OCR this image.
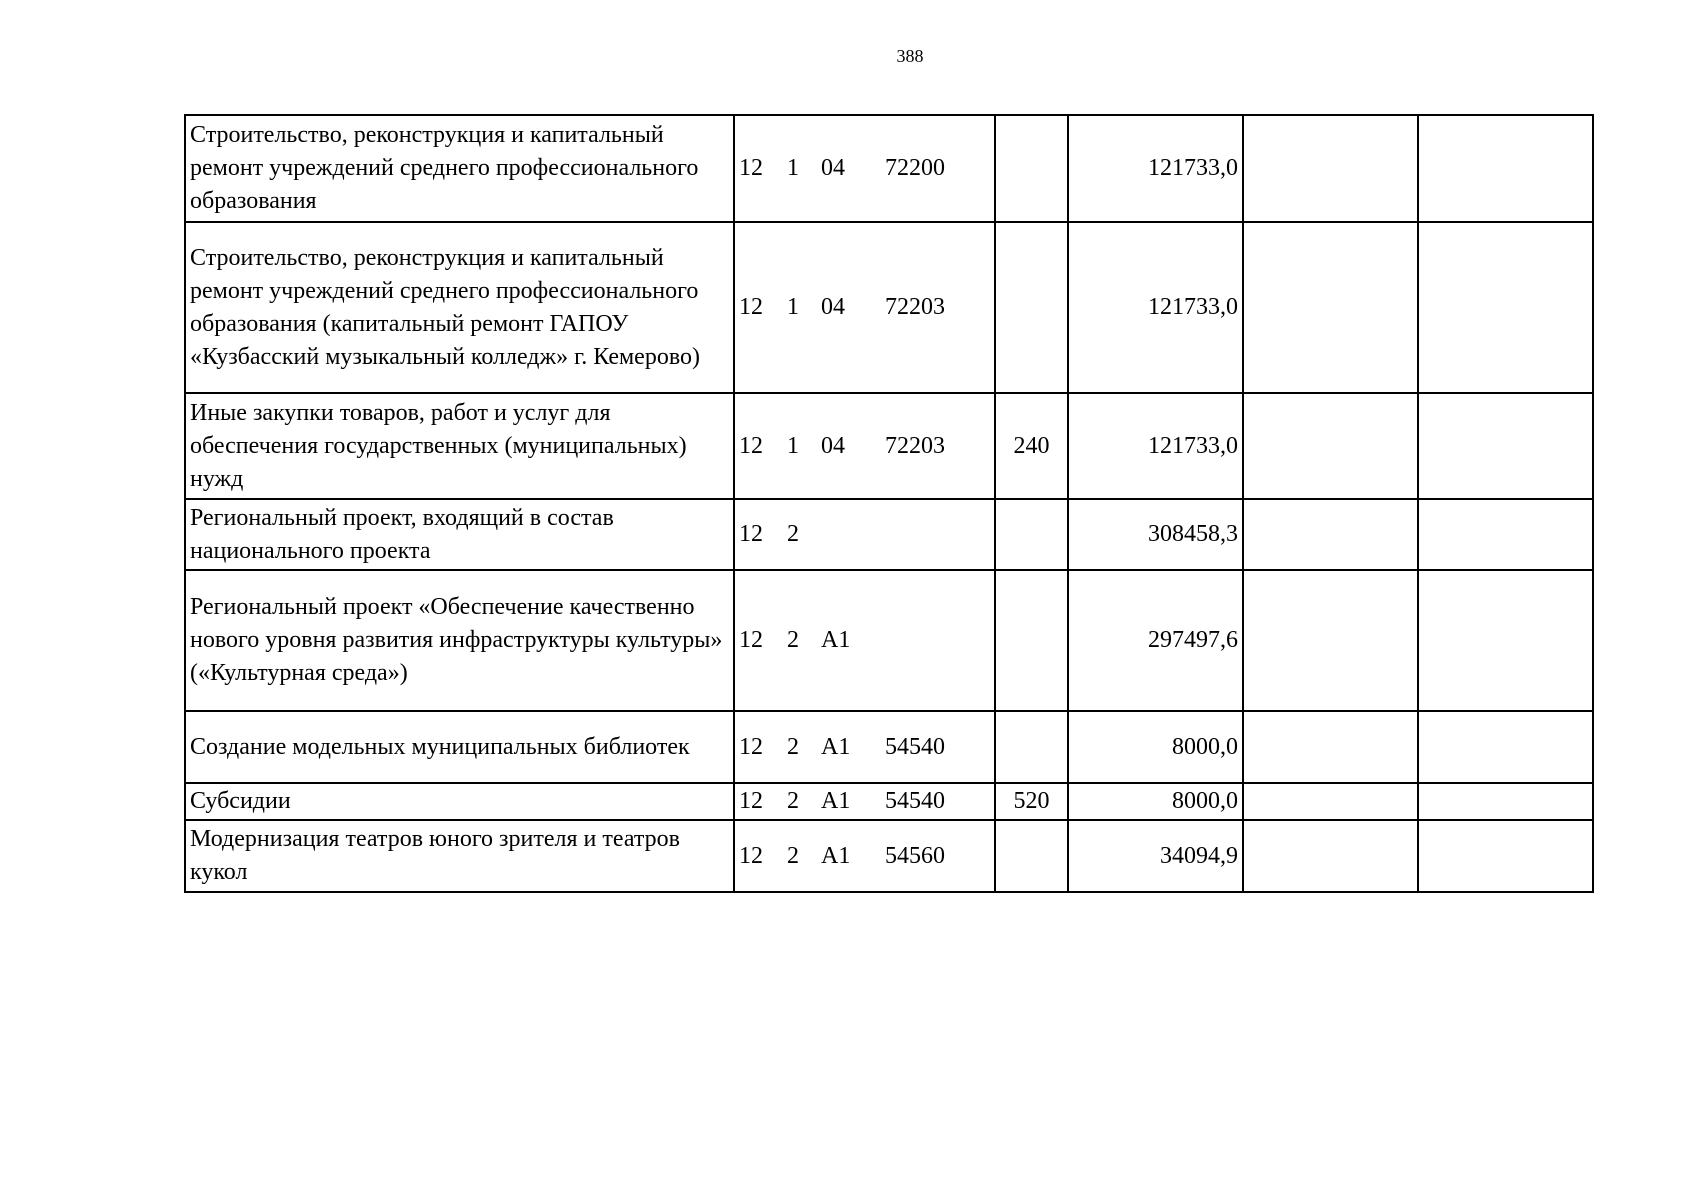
388
Строительство, реконструкция и капитальный ремонт учреждений среднего профессионального образования	12 1 04 72200		121733,0		
Строительство, реконструкция и капитальный ремонт учреждений среднего профессионального образования (капитальный ремонт ГАПОУ «Кузбасский музыкальный колледж» г. Кемерово)	12 1 04 72203		121733,0		
Иные закупки товаров, работ и услуг для обеспечения государственных (муниципальных) нужд	12 1 04 72203	240	121733,0		
Региональный проект, входящий в состав национального проекта	12 2		308458,3		
Региональный проект «Обеспечение качественно нового уровня развития инфраструктуры культуры» («Культурная среда»)	12 2 А1		297497,6		
Создание модельных муниципальных библиотек	12 2 А1 54540		8000,0		
Субсидии	12 2 А1 54540	520	8000,0		
Модернизация театров юного зрителя и театров кукол	12 2 А1 54560		34094,9		
